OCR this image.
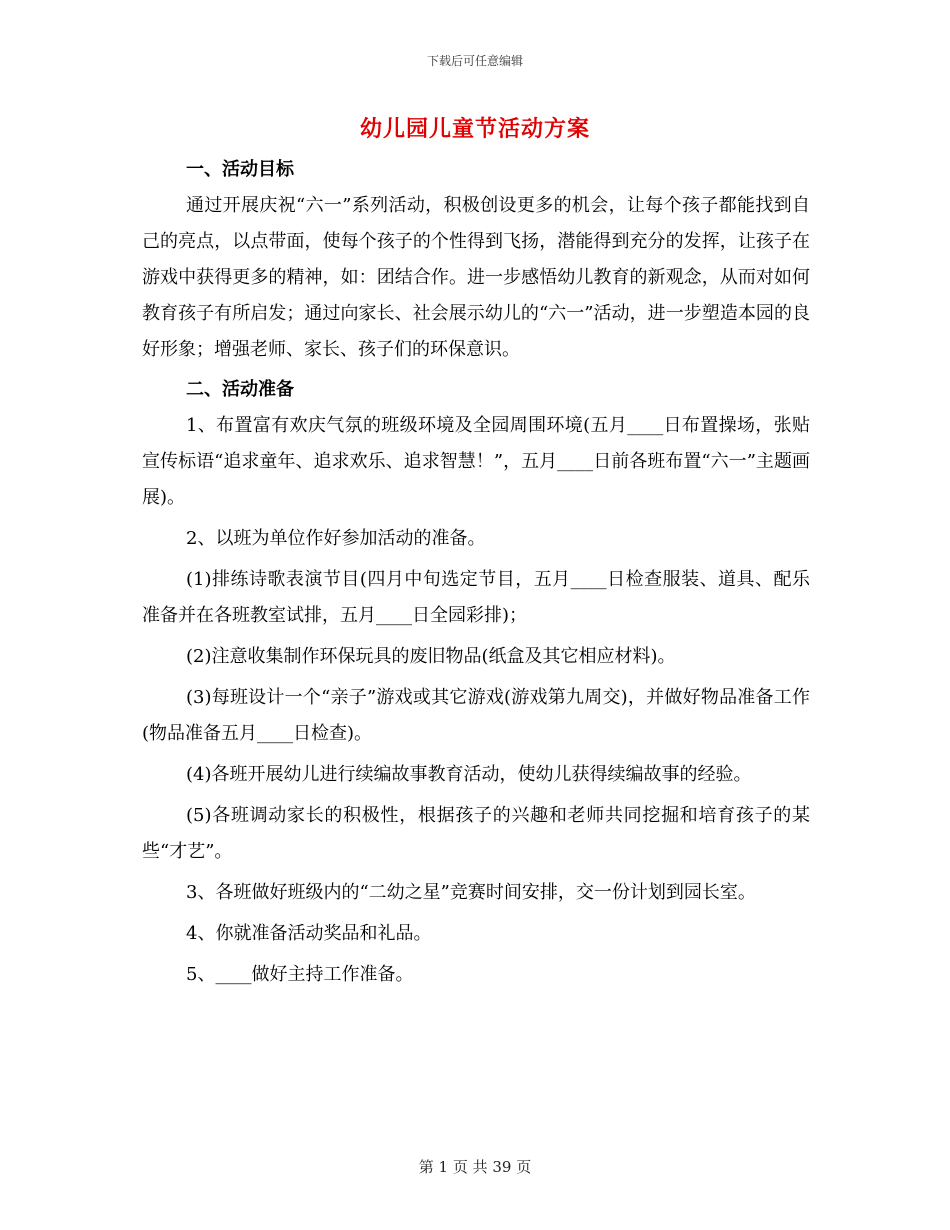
下载后可任意编辑
幼儿园儿童节活动方案
一、活动目标

通过开展庆祝“六一”系列活动，积极创设更多的机会，让每个孩子都能找到自己的亮点，以点带面，使每个孩子的个性得到飞扬，潜能得到充分的发挥，让孩子在游戏中获得更多的精神，如：团结合作。进一步感悟幼儿教育的新观念，从而对如何教育孩子有所启发；通过向家长、社会展示幼儿的“六一”活动，进一步塑造本园的良好形象；增强老师、家长、孩子们的环保意识。

二、活动准备

1、布置富有欢庆气氛的班级环境及全园周围环境(五月____日布置操场，张贴宣传标语“追求童年、追求欢乐、追求智慧！”，五月____日前各班布置“六一”主题画展)。

2、以班为单位作好参加活动的准备。

(1)排练诗歌表演节目(四月中旬选定节目，五月____日检查服装、道具、配乐准备并在各班教室试排，五月____日全园彩排)；

(2)注意收集制作环保玩具的废旧物品(纸盒及其它相应材料)。

(3)每班设计一个“亲子”游戏或其它游戏(游戏第九周交)，并做好物品准备工作(物品准备五月____日检查)。

(4)各班开展幼儿进行续编故事教育活动，使幼儿获得续编故事的经验。

(5)各班调动家长的积极性，根据孩子的兴趣和老师共同挖掘和培育孩子的某些“才艺”。

3、各班做好班级内的“二幼之星”竞赛时间安排，交一份计划到园长室。

4、你就准备活动奖品和礼品。

5、____做好主持工作准备。

第 1 页 共 39 页
